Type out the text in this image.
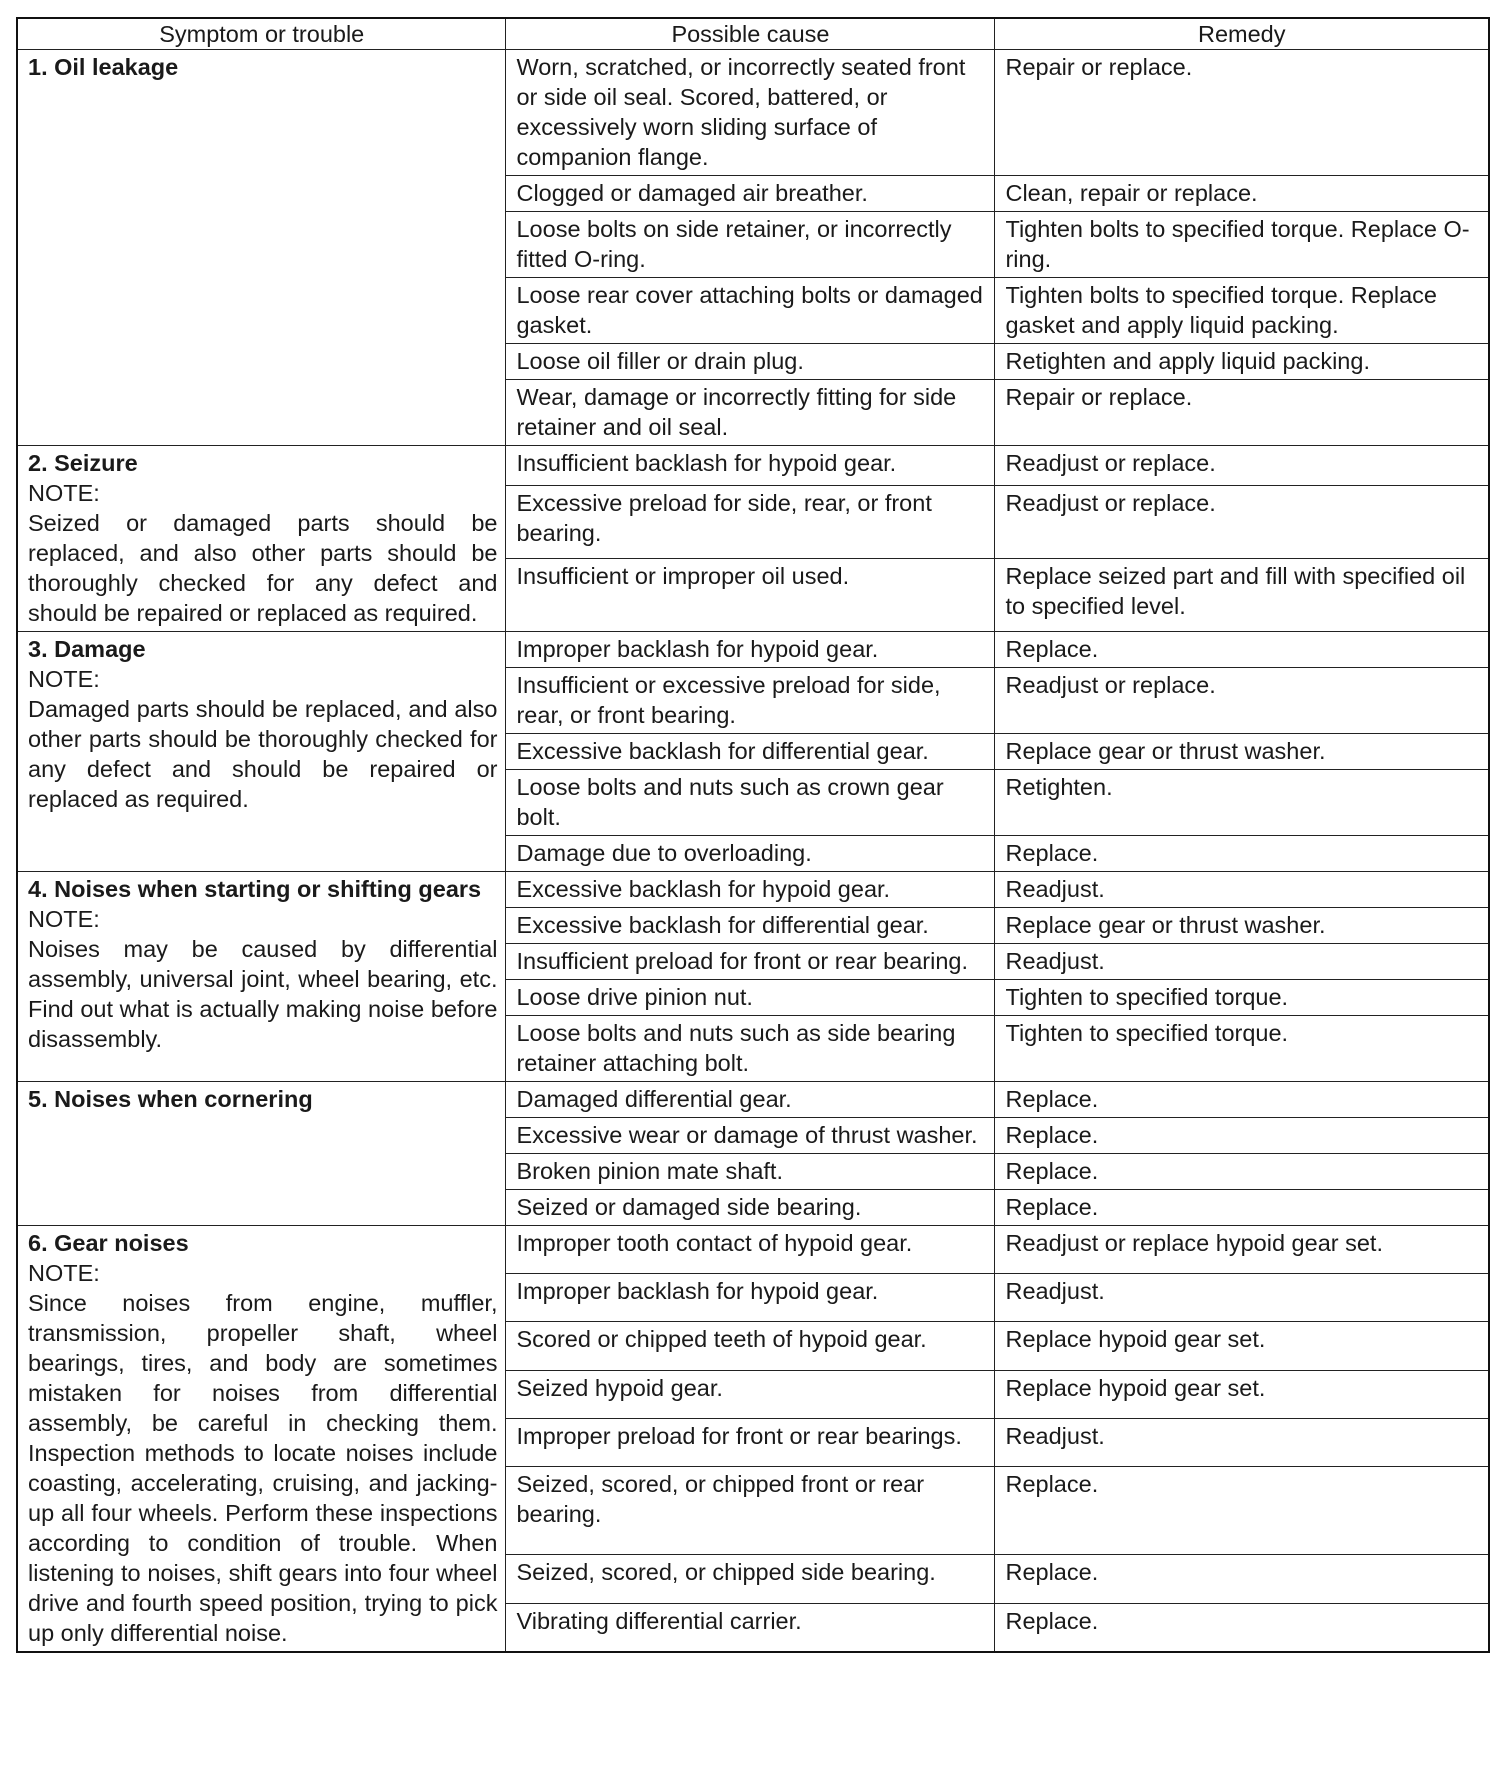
Symptom or trouble	Possible cause	Remedy

1. Oil leakage	Worn, scratched, or incorrectly seated front or side oil seal. Scored, battered, or excessively worn sliding surface of companion flange.	Repair or replace.
	Clogged or damaged air breather.	Clean, repair or replace.
	Loose bolts on side retainer, or incorrectly fitted O-ring.	Tighten bolts to specified torque. Replace O-ring.
	Loose rear cover attaching bolts or damaged gasket.	Tighten bolts to specified torque. Replace gasket and apply liquid packing.
	Loose oil filler or drain plug.	Retighten and apply liquid packing.
	Wear, damage or incorrectly fitting for side retainer and oil seal.	Repair or replace.

2. Seizure
NOTE:
Seized or damaged parts should be replaced, and also other parts should be thoroughly checked for any defect and should be repaired or replaced as required.	Insufficient backlash for hypoid gear.	Readjust or replace.
	Excessive preload for side, rear, or front bearing.	Readjust or replace.
	Insufficient or improper oil used.	Replace seized part and fill with specified oil to specified level.

3. Damage
NOTE:
Damaged parts should be replaced, and also other parts should be thoroughly checked for any defect and should be repaired or replaced as required.	Improper backlash for hypoid gear.	Replace.
	Insufficient or excessive preload for side, rear, or front bearing.	Readjust or replace.
	Excessive backlash for differential gear.	Replace gear or thrust washer.
	Loose bolts and nuts such as crown gear bolt.	Retighten.
	Damage due to overloading.	Replace.

4. Noises when starting or shifting gears
NOTE:
Noises may be caused by differential assembly, universal joint, wheel bearing, etc. Find out what is actually making noise before disassembly.	Excessive backlash for hypoid gear.	Readjust.
	Excessive backlash for differential gear.	Replace gear or thrust washer.
	Insufficient preload for front or rear bearing.	Readjust.
	Loose drive pinion nut.	Tighten to specified torque.
	Loose bolts and nuts such as side bearing retainer attaching bolt.	Tighten to specified torque.

5. Noises when cornering	Damaged differential gear.	Replace.
	Excessive wear or damage of thrust washer.	Replace.
	Broken pinion mate shaft.	Replace.
	Seized or damaged side bearing.	Replace.

6. Gear noises
NOTE:
Since noises from engine, muffler, transmission, propeller shaft, wheel bearings, tires, and body are sometimes mistaken for noises from differential assembly, be careful in checking them. Inspection methods to locate noises include coasting, accelerating, cruising, and jacking-up all four wheels. Perform these inspections according to condition of trouble. When listening to noises, shift gears into four wheel drive and fourth speed position, trying to pick up only differential noise.	Improper tooth contact of hypoid gear.	Readjust or replace hypoid gear set.
	Improper backlash for hypoid gear.	Readjust.
	Scored or chipped teeth of hypoid gear.	Replace hypoid gear set.
	Seized hypoid gear.	Replace hypoid gear set.
	Improper preload for front or rear bearings.	Readjust.
	Seized, scored, or chipped front or rear bearing.	Replace.
	Seized, scored, or chipped side bearing.	Replace.
	Vibrating differential carrier.	Replace.
